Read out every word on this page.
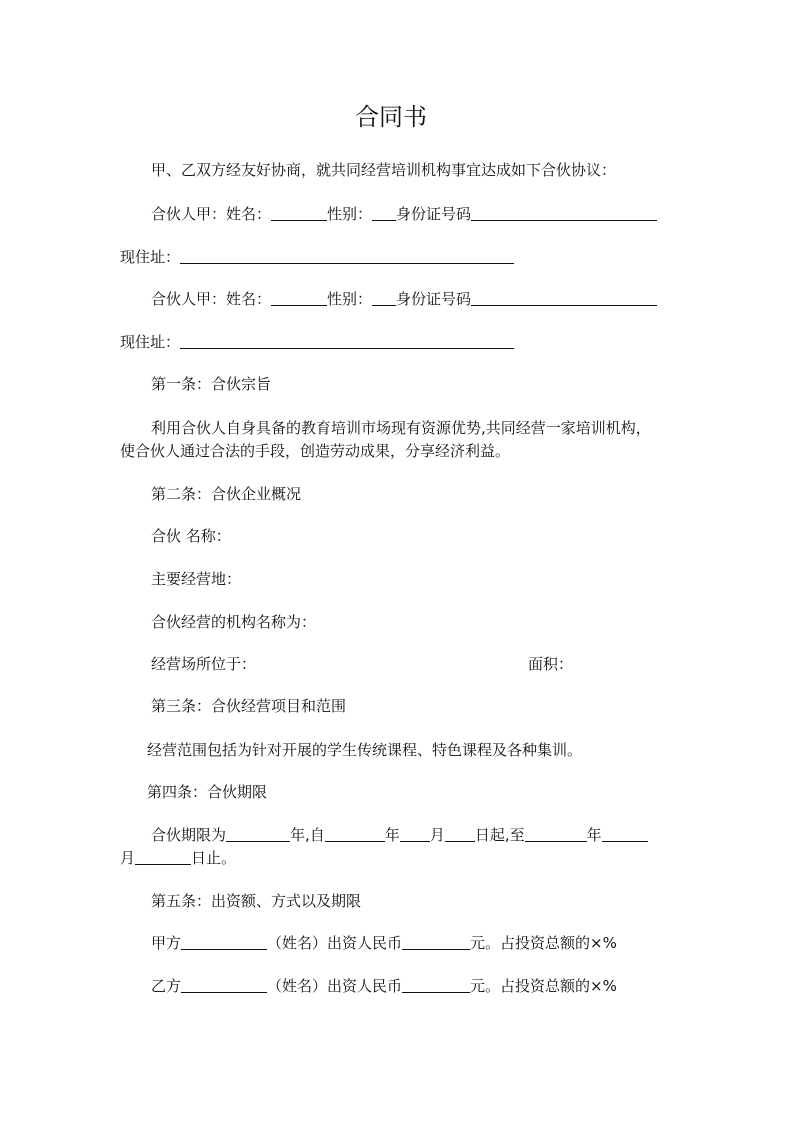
合同书
甲、乙双方经友好协商，就共同经营培训机构事宜达成如下合伙协议：
合伙人甲：姓名：	性别： 身份证号码
现住址：
合伙人甲：姓名：	性别： 身份证号码
现住址：
第一条：合伙宗旨
利用合伙人自身具备的教育培训市场现有资源优势,共同经营一家培训机构，
使合伙人通过合法的手段，创造劳动成果，分享经济利益。
第二条：合伙企业概况
合伙 名称：
主要经营地：
合伙经营的机构名称为：
经营场所位于：	面积：
第三条：合伙经营项目和范围
经营范围包括为针对开展的学生传统课程、特色课程及各种集训。
第四条：合伙期限
合伙期限为	年,自	年 月 日起,至	年
月	日止。
第五条：出资额、方式以及期限
甲方	（姓名）出资人民币	元。占投资总额的×%
乙方	（姓名）出资人民币	元。占投资总额的×%
